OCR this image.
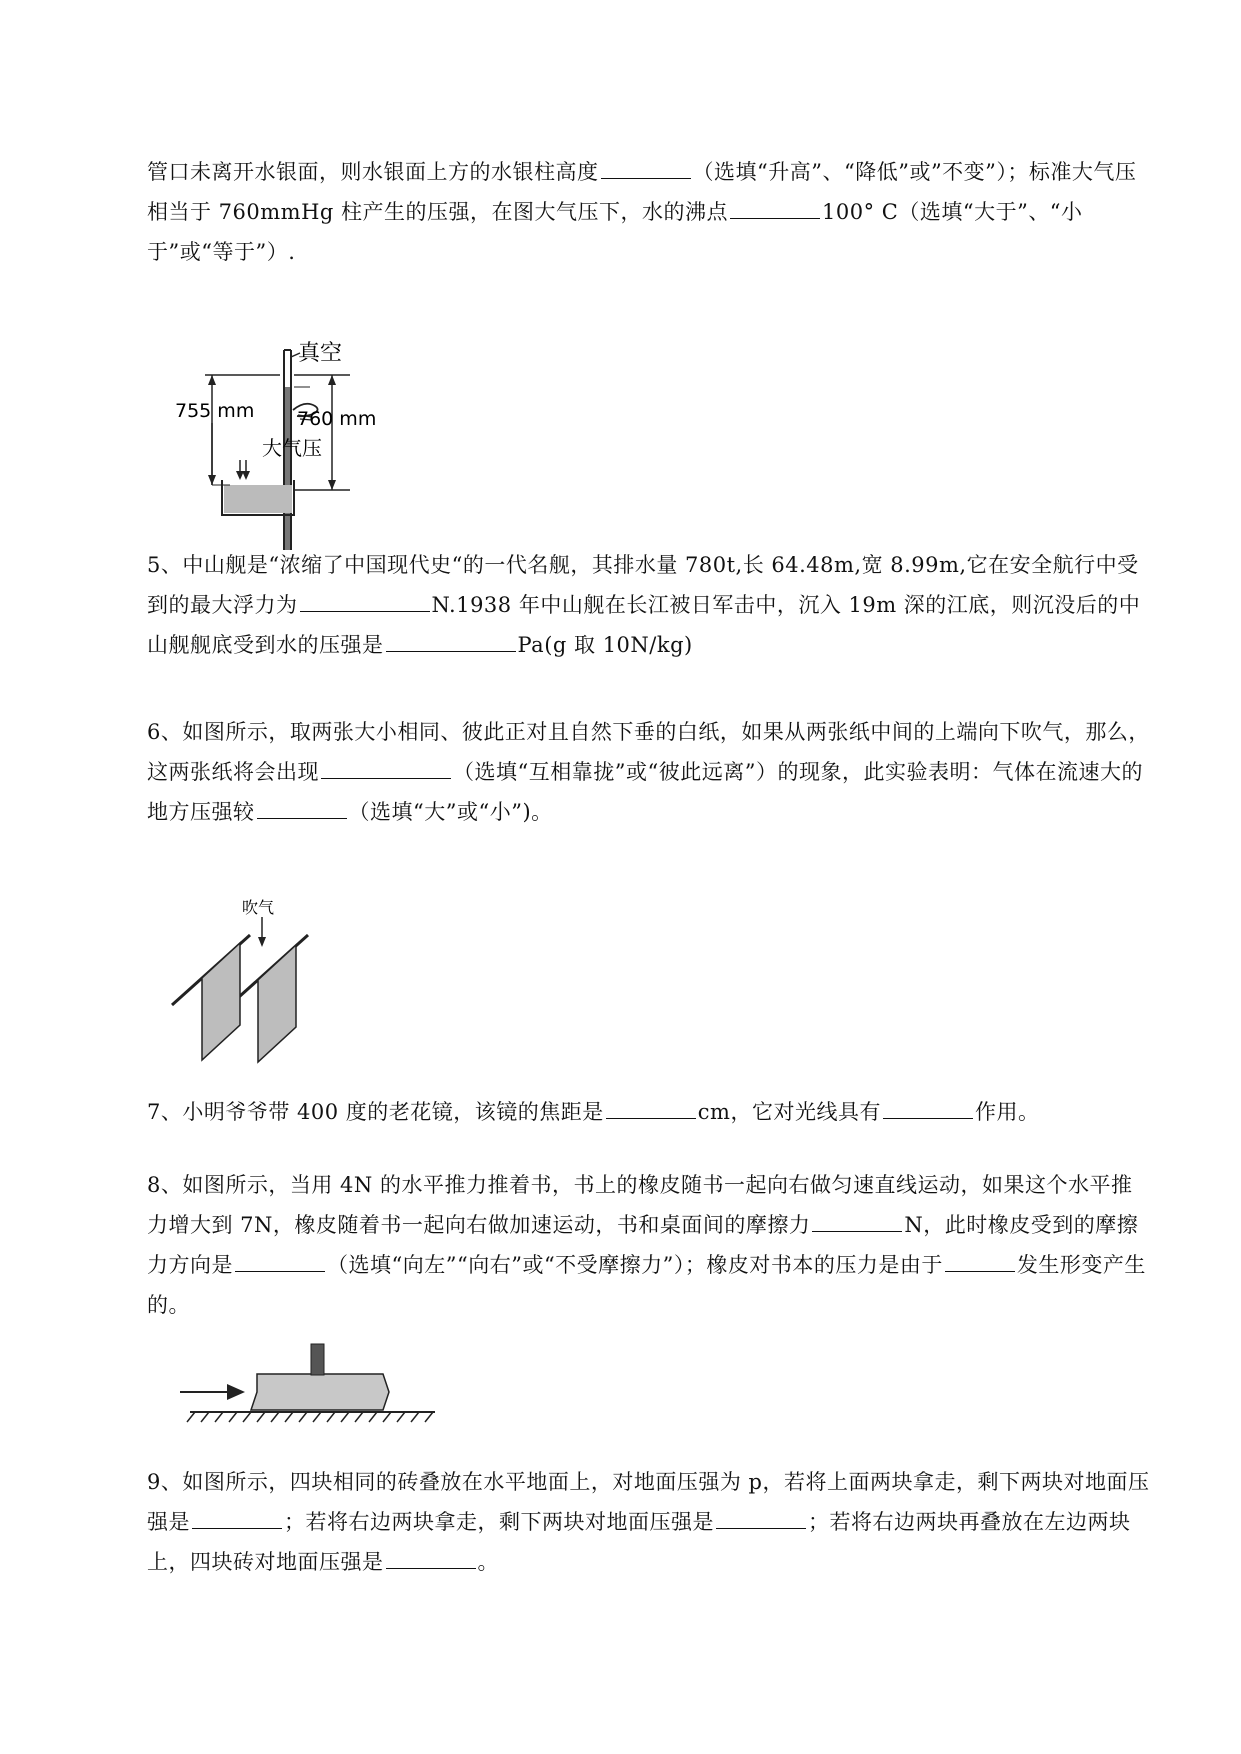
管口未离开水银面，则水银面上方的水银柱高度	（选填“升高”、“降低”或”不变”）；标准大气压相当于 760mmHg 柱产生的压强，在图大气压下，水的沸点	100° C（选填“大于”、“小于”或“等于”）.
真空
755 mm 760 mm
大气压
5、中山舰是“浓缩了中国现代史“的一代名舰，其排水量 780t,长 64.48m,宽 8.99m,它在安全航行中受到的最大浮力为	N.1938 年中山舰在长江被日军击中，沉入 19m 深的江底，则沉没后的中山舰舰底受到水的压强是	Pa(g 取 10N/kg)
6、如图所示，取两张大小相同、彼此正对且自然下垂的白纸，如果从两张纸中间的上端向下吹气，那么，这两张纸将会出现	（选填“互相靠拢”或“彼此远离”）的现象，此实验表明：气体在流速大的地方压强较	（选填“大”或“小”)。
吹气
7、小明爷爷带 400 度的老花镜，该镜的焦距是	cm，它对光线具有	作用。
8、如图所示，当用 4N 的水平推力推着书，书上的橡皮随书一起向右做匀速直线运动，如果这个水平推力增大到 7N，橡皮随着书一起向右做加速运动，书和桌面间的摩擦力	N，此时橡皮受到的摩擦力方向是	（选填“向左”“向右”或“不受摩擦力”）；橡皮对书本的压力是由于	发生形变产生的。
9、如图所示，四块相同的砖叠放在水平地面上，对地面压强为 p，若将上面两块拿走，剩下两块对地面压强是	；若将右边两块拿走，剩下两块对地面压强是	；若将右边两块再叠放在左边两块上，四块砖对地面压强是	。
